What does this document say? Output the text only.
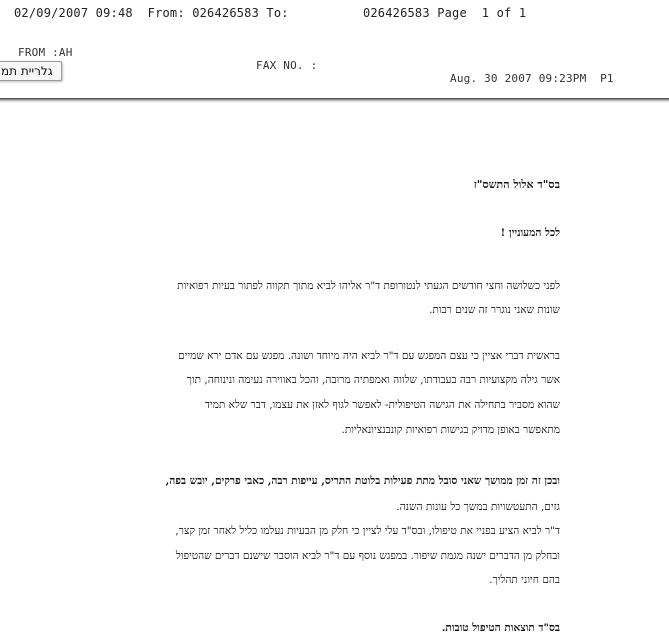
02/09/2007 09:48  From: 026426583 To:          026426583 Page  1 of 1

FROM :AH

FAX NO. :

Aug. 30 2007 09:23PM  P1

גלריית תמ
בס"ד אלול התשס"ז
לכל המעוניין !
לפני כשלושה וחצי חודשים הגעתי לנטורופת ד"ר אליהו לביא מתוך תקווה לפתור בעיות רפואיות
שונות שאני נוגרר זה שנים רבות.
בראשית דברי אציין כי עצם המפגש עם ד"ר לביא היה מיוחד ושונה. מפגש עם אדם ירא שמיים
אשר גילה מקצועיות רבה בעבודתו, שלווה ואמפתיה מרובה, והכל באווירה נעימה ונינוחה, תוך
שהוא מסביר בתחילה את הגישה הטיפולית- לאפשר לגוף לאזן את עצמו, דבר שלא תמיד
מתאפשר באופן מדויק בגישות רפואיות קונבנציונאליות.
ובכן זה זמן ממושך שאני סובל מתת פעילות בלוטת התריס, עייפות רבה, כאבי פרקים, יובש בפה,
גזים, התעטשויות במשך כל עונות השנה.
ד"ר לביא הציע בפניי את טיפולו, ובס"ד עלי לציין כי חלק מן הבעיות נעלמו כליל לאחר זמן קצר,
ובחלק מן הדברים ישנה מגמת שיפור. במפגש נוסף עם ד"ר לביא הוסבר שישנם דברים שהטיפול
בהם חיוני תהליך.
בס"ד תוצאות הטיפול טובות.
